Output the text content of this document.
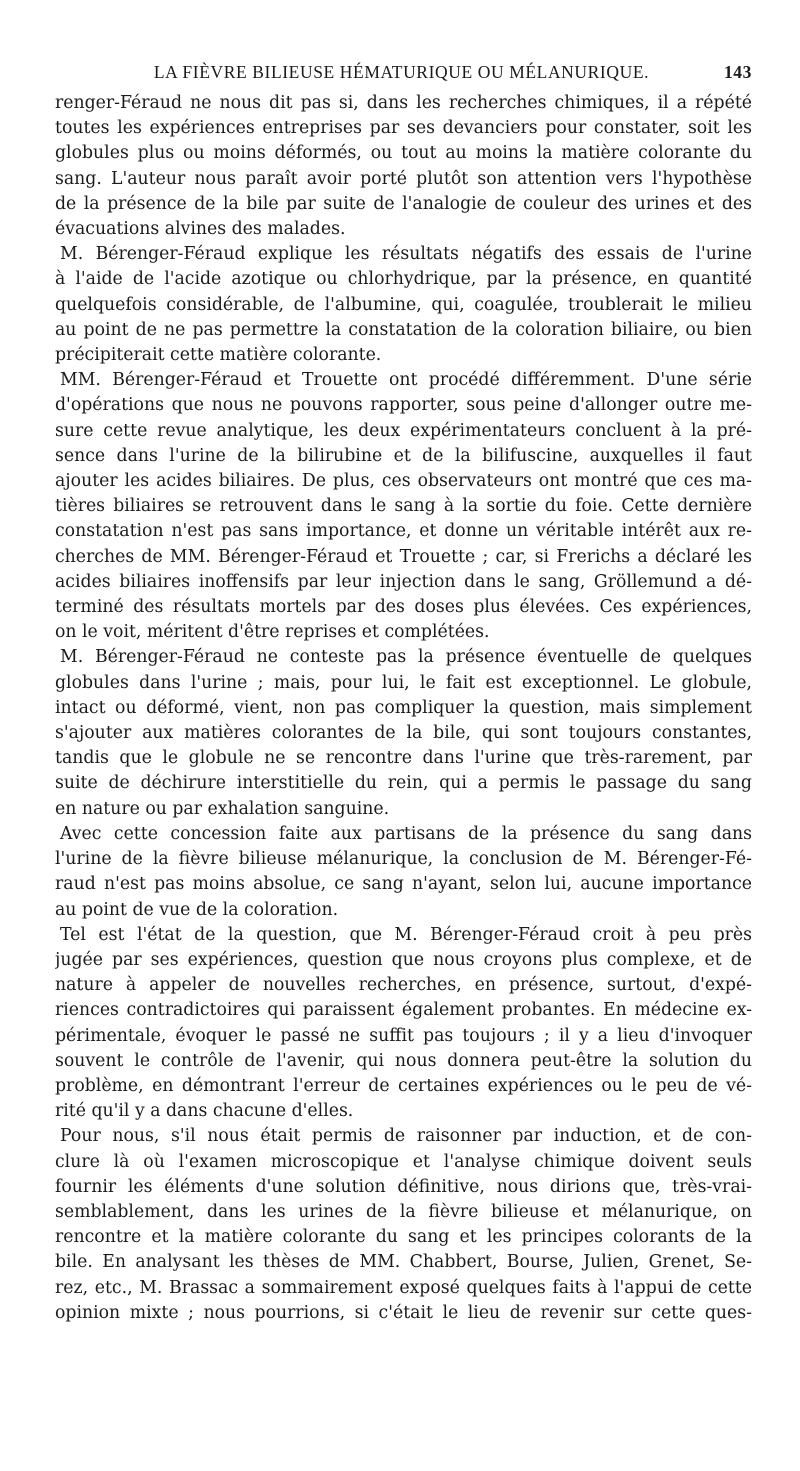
LA FIÈVRE BILIEUSE HÉMATURIQUE OU MÉLANURIQUE.	143

renger-Féraud ne nous dit pas si, dans les recherches chimiques, il a répété
toutes les expériences entreprises par ses devanciers pour constater, soit les
globules plus ou moins déformés, ou tout au moins la matière colorante du
sang. L'auteur nous paraît avoir porté plutôt son attention vers l'hypothèse
de la présence de la bile par suite de l'analogie de couleur des urines et des
évacuations alvines des malades.

M. Bérenger-Féraud explique les résultats négatifs des essais de l'urine
à l'aide de l'acide azotique ou chlorhydrique, par la présence, en quantité
quelquefois considérable, de l'albumine, qui, coagulée, troublerait le milieu
au point de ne pas permettre la constatation de la coloration biliaire, ou bien
précipiterait cette matière colorante.

MM. Bérenger-Féraud et Trouette ont procédé différemment. D'une série
d'opérations que nous ne pouvons rapporter, sous peine d'allonger outre me-
sure cette revue analytique, les deux expérimentateurs concluent à la pré-
sence dans l'urine de la bilirubine et de la bilifuscine, auxquelles il faut
ajouter les acides biliaires. De plus, ces observateurs ont montré que ces ma-
tières biliaires se retrouvent dans le sang à la sortie du foie. Cette dernière
constatation n'est pas sans importance, et donne un véritable intérêt aux re-
cherches de MM. Bérenger-Féraud et Trouette ; car, si Frerichs a déclaré les
acides biliaires inoffensifs par leur injection dans le sang, Gröllemund a dé-
terminé des résultats mortels par des doses plus élevées. Ces expériences,
on le voit, méritent d'être reprises et complétées.

M. Bérenger-Féraud ne conteste pas la présence éventuelle de quelques
globules dans l'urine ; mais, pour lui, le fait est exceptionnel. Le globule,
intact ou déformé, vient, non pas compliquer la question, mais simplement
s'ajouter aux matières colorantes de la bile, qui sont toujours constantes,
tandis que le globule ne se rencontre dans l'urine que très-rarement, par
suite de déchirure interstitielle du rein, qui a permis le passage du sang
en nature ou par exhalation sanguine.

Avec cette concession faite aux partisans de la présence du sang dans
l'urine de la fièvre bilieuse mélanurique, la conclusion de M. Bérenger-Fé-
raud n'est pas moins absolue, ce sang n'ayant, selon lui, aucune importance
au point de vue de la coloration.

Tel est l'état de la question, que M. Bérenger-Féraud croit à peu près
jugée par ses expériences, question que nous croyons plus complexe, et de
nature à appeler de nouvelles recherches, en présence, surtout, d'expé-
riences contradictoires qui paraissent également probantes. En médecine ex-
périmentale, évoquer le passé ne suffit pas toujours ; il y a lieu d'invoquer
souvent le contrôle de l'avenir, qui nous donnera peut-être la solution du
problème, en démontrant l'erreur de certaines expériences ou le peu de vé-
rité qu'il y a dans chacune d'elles.

Pour nous, s'il nous était permis de raisonner par induction, et de con-
clure là où l'examen microscopique et l'analyse chimique doivent seuls
fournir les éléments d'une solution définitive, nous dirions que, très-vrai-
semblablement, dans les urines de la fièvre bilieuse et mélanurique, on
rencontre et la matière colorante du sang et les principes colorants de la
bile. En analysant les thèses de MM. Chabbert, Bourse, Julien, Grenet, Se-
rez, etc., M. Brassac a sommairement exposé quelques faits à l'appui de cette
opinion mixte ; nous pourrions, si c'était le lieu de revenir sur cette ques-
